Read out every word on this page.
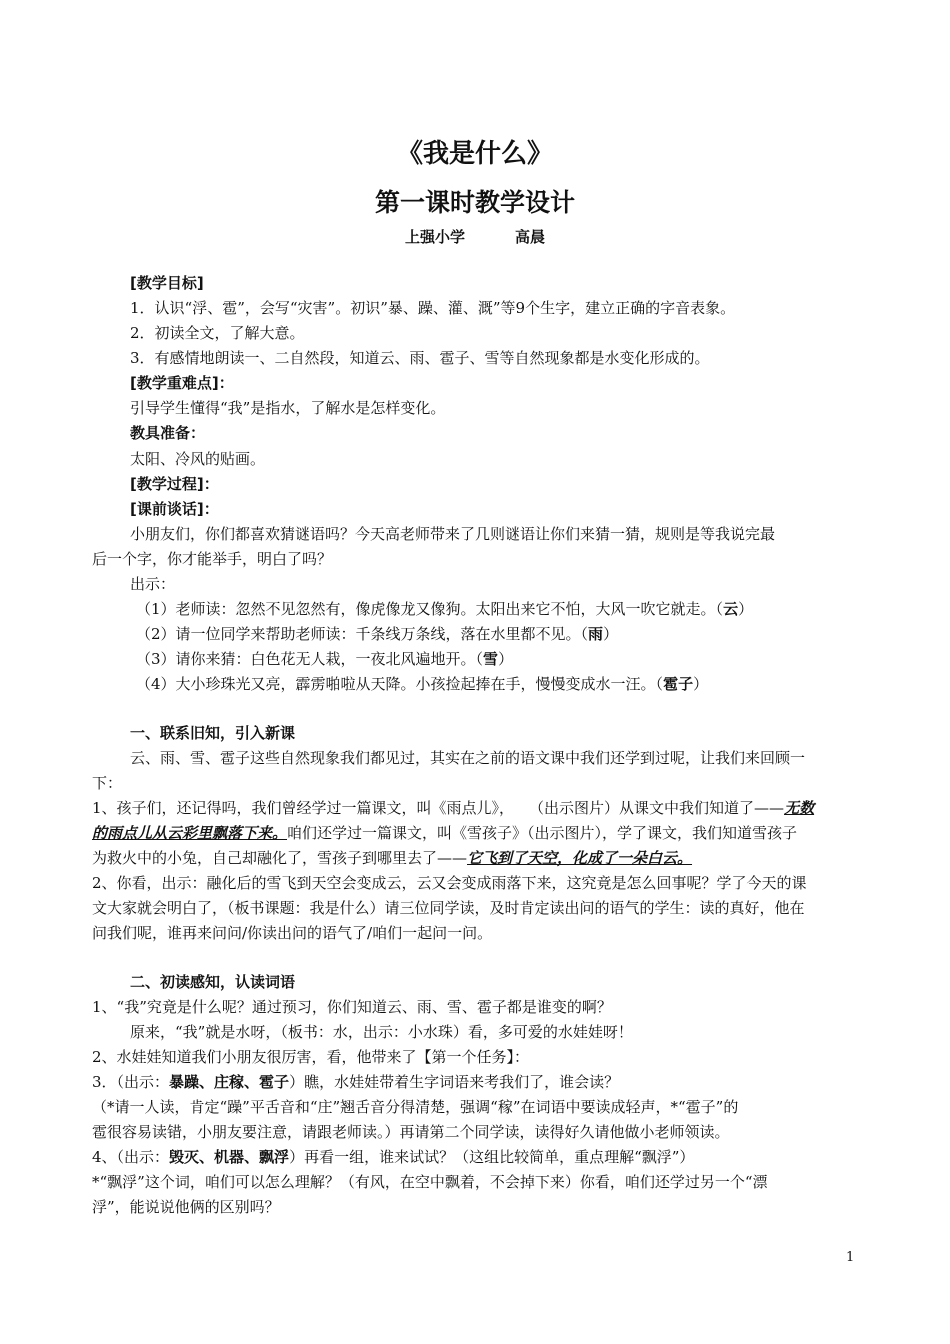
《我是什么》
第一课时教学设计
上强小学	高晨
[教学目标]
1．认识“浮、雹”，会写“灾害”。初识”暴、躁、灌、溉”等9个生字，建立正确的字音表象。
2．初读全文，了解大意。
3．有感情地朗读一、二自然段，知道云、雨、雹子、雪等自然现象都是水变化形成的。
[教学重难点]：
引导学生懂得“我”是指水，了解水是怎样变化。
教具准备：
太阳、冷风的贴画。
[教学过程]：
[课前谈话]：
小朋友们，你们都喜欢猜谜语吗？今天高老师带来了几则谜语让你们来猜一猜，规则是等我说完最
后一个字，你才能举手，明白了吗？
出示：
（1）老师读：忽然不见忽然有，像虎像龙又像狗。太阳出来它不怕，大风一吹它就走。（云）
（2）请一位同学来帮助老师读：千条线万条线，落在水里都不见。（雨）
（3）请你来猜：白色花无人栽，一夜北风遍地开。（雪）
（4）大小珍珠光又亮，霹雳啪啦从天降。小孩捡起捧在手，慢慢变成水一汪。（雹子）
一、联系旧知，引入新课
云、雨、雪、雹子这些自然现象我们都见过，其实在之前的语文课中我们还学到过呢，让我们来回顾一
下：
1、孩子们，还记得吗，我们曾经学过一篇课文，叫《雨点儿》，　　（出示图片）从课文中我们知道了——无数
的雨点儿从云彩里飘落下来。咱们还学过一篇课文，叫《雪孩子》（出示图片），学了课文，我们知道雪孩子
为救火中的小兔，自己却融化了，雪孩子到哪里去了——它飞到了天空，化成了一朵白云。
2、你看，出示：融化后的雪飞到天空会变成云，云又会变成雨落下来，这究竟是怎么回事呢？学了今天的课
文大家就会明白了，（板书课题：我是什么）请三位同学读，及时肯定读出问的语气的学生：读的真好，他在
问我们呢，谁再来问问/你读出问的语气了/咱们一起问一问。
二、初读感知，认读词语
1、“我”究竟是什么呢？通过预习，你们知道云、雨、雪、雹子都是谁变的啊？
原来，“我”就是水呀，（板书：水，出示：小水珠）看，多可爱的水娃娃呀！
2、水娃娃知道我们小朋友很厉害，看，他带来了【第一个任务】：
3．（出示：暴躁、庄稼、雹子）瞧，水娃娃带着生字词语来考我们了，谁会读？
（*请一人读，肯定“躁”平舌音和“庄”翘舌音分得清楚，强调“稼”在词语中要读成轻声，*“雹子”的
雹很容易读错，小朋友要注意，请跟老师读。）再请第二个同学读，读得好久请他做小老师领读。
4、（出示：毁灭、机器、飘浮）再看一组，谁来试试？（这组比较简单，重点理解“飘浮”）
*“飘浮”这个词，咱们可以怎么理解？（有风，在空中飘着，不会掉下来）你看，咱们还学过另一个“漂
浮”，能说说他俩的区别吗？
1
